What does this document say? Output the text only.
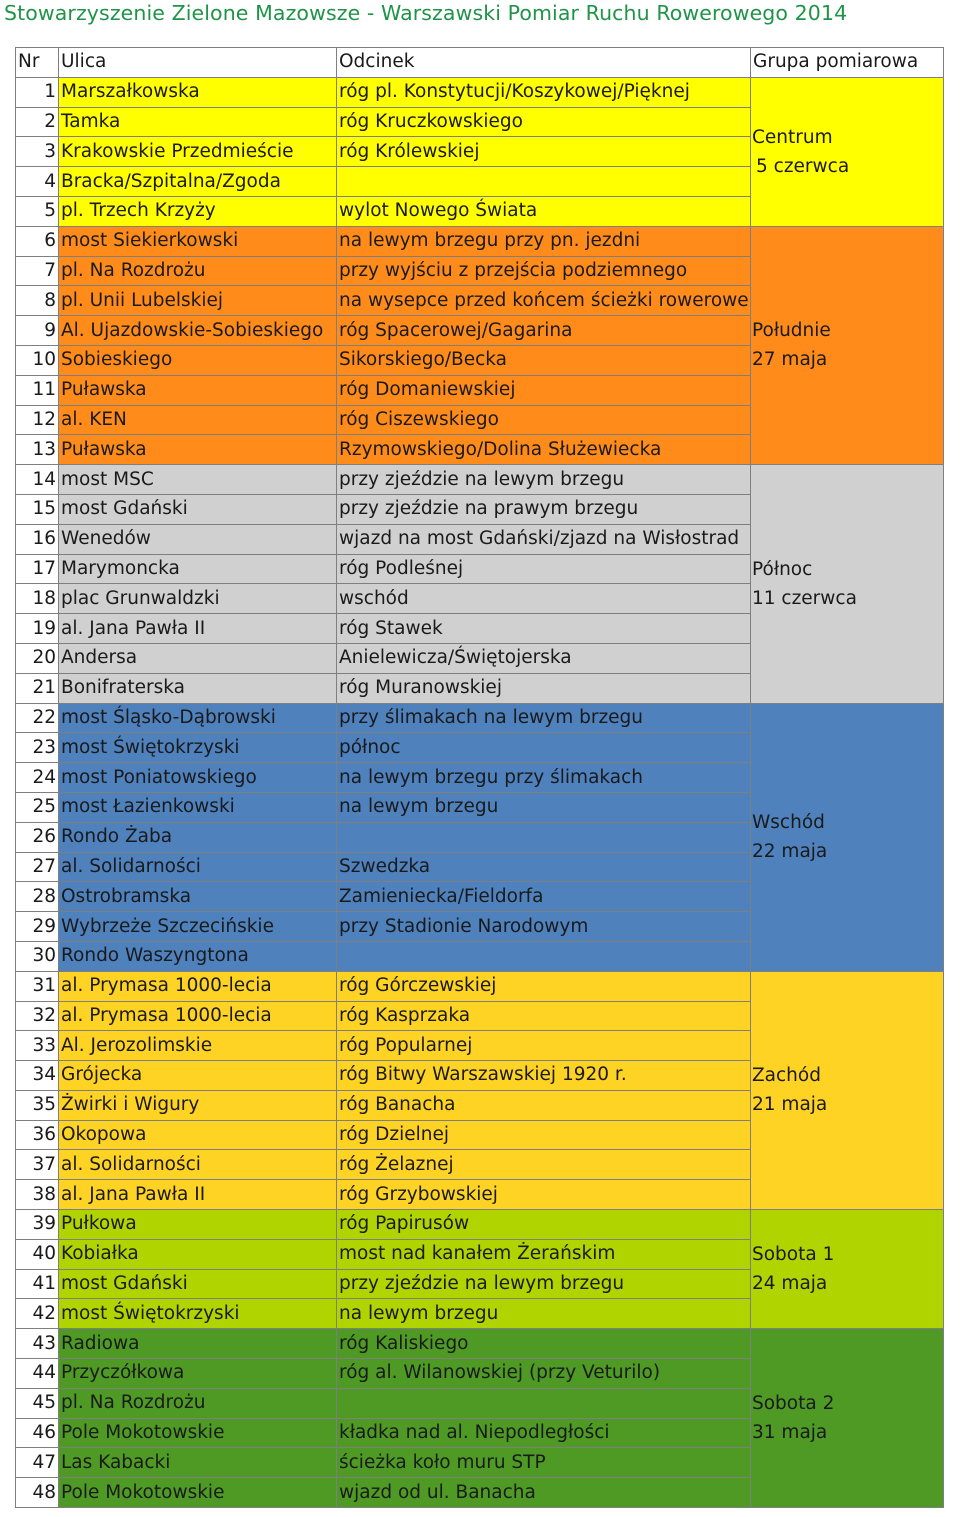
Stowarzyszenie Zielone Mazowsze - Warszawski Pomiar Ruchu Rowerowego 2014
Nr	Ulica	Odcinek	Grupa pomiarowa
1	Marszałkowska	róg pl. Konstytucji/Koszykowej/Pięknej	Centrum
5 czerwca

2	Tamka	róg Kruczkowskiego	
3	Krakowskie Przedmieście	róg Królewskiej	
4	Bracka/Szpitalna/Zgoda		
5	pl. Trzech Krzyży	wylot Nowego Świata	
6	most Siekierkowski	na lewym brzegu przy pn. jezdni	Południe
27 maja

7	pl. Na Rozdrożu	przy wyjściu z przejścia podziemnego	
8	pl. Unii Lubelskiej	na wysepce przed końcem ścieżki rowerowe	
9	Al. Ujazdowskie-Sobieskiego	róg Spacerowej/Gagarina	
10	Sobieskiego	Sikorskiego/Becka	
11	Puławska	róg Domaniewskiej	
12	al. KEN	róg Ciszewskiego	
13	Puławska	Rzymowskiego/Dolina Służewiecka	
14	most MSC	przy zjeździe na lewym brzegu	Północ
11 czerwca

15	most Gdański	przy zjeździe na prawym brzegu	
16	Wenedów	wjazd na most Gdański/zjazd na Wisłostrad	
17	Marymoncka	róg Podleśnej	
18	plac Grunwaldzki	wschód	
19	al. Jana Pawła II	róg Stawek	
20	Andersa	Anielewicza/Świętojerska	
21	Bonifraterska	róg Muranowskiej	
22	most Śląsko-Dąbrowski	przy ślimakach na lewym brzegu	Wschód
22 maja

23	most Świętokrzyski	północ	
24	most Poniatowskiego	na lewym brzegu przy ślimakach	
25	most Łazienkowski	na lewym brzegu	
26	Rondo Żaba		
27	al. Solidarności	Szwedzka	
28	Ostrobramska	Zamieniecka/Fieldorfa	
29	Wybrzeże Szczecińskie	przy Stadionie Narodowym	
30	Rondo Waszyngtona		
31	al. Prymasa 1000-lecia	róg Górczewskiej	Zachód
21 maja

32	al. Prymasa 1000-lecia	róg Kasprzaka	
33	Al. Jerozolimskie	róg Popularnej	
34	Grójecka	róg Bitwy Warszawskiej 1920 r.	
35	Żwirki i Wigury	róg Banacha	
36	Okopowa	róg Dzielnej	
37	al. Solidarności	róg Żelaznej	
38	al. Jana Pawła II	róg Grzybowskiej	
39	Pułkowa	róg Papirusów	Sobota 1
24 maja

40	Kobiałka	most nad kanałem Żerańskim	
41	most Gdański	przy zjeździe na lewym brzegu	
42	most Świętokrzyski	na lewym brzegu	
43	Radiowa	róg Kaliskiego	Sobota 2
31 maja

44	Przyczółkowa	róg al. Wilanowskiej (przy Veturilo)	
45	pl. Na Rozdrożu		
46	Pole Mokotowskie	kładka nad al. Niepodległości	
47	Las Kabacki	ścieżka koło muru STP	
48	Pole Mokotowskie	wjazd od ul. Banacha	
